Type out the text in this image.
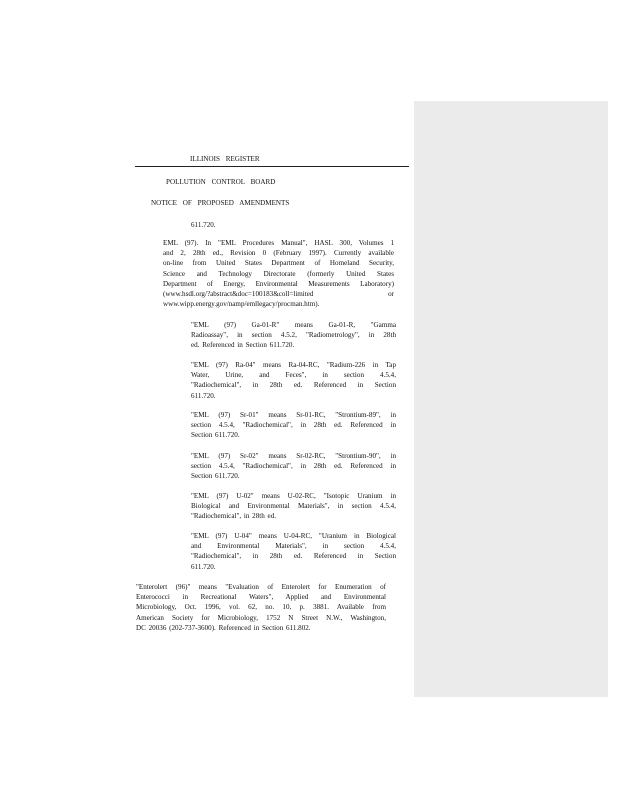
ILLINOIS REGISTER
POLLUTION CONTROL BOARD
NOTICE OF PROPOSED AMENDMENTS
611.720.
EML (97). In "EML Procedures Manual", HASL 300, Volumes 1
and 2, 28th ed., Revision 0 (February 1997). Currently available
on-line from United States Department of Homeland Security,
Science and Technology Directorate (formerly United States
Department of Energy, Environmental Measurements Laboratory)
(www.hsdl.org/?abstract&doc=100183&coll=limited or
www.wipp.energy.gov/namp/emllegacy/procman.htm).
"EML (97) Ga-01-R" means Ga-01-R, "Gamma
Radioassay", in section 4.5.2, "Radiometrology", in 28th
ed. Referenced in Section 611.720.
"EML (97) Ra-04" means Ra-04-RC, "Radium-226 in Tap
Water, Urine, and Feces", in section 4.5.4,
"Radiochemical", in 28th ed. Referenced in Section
611.720.
"EML (97) Sr-01" means Sr-01-RC, "Strontium-89", in
section 4.5.4, "Radiochemical", in 28th ed. Referenced in
Section 611.720.
"EML (97) Sr-02" means Sr-02-RC, "Strontium-90", in
section 4.5.4, "Radiochemical", in 28th ed. Referenced in
Section 611.720.
"EML (97) U-02" means U-02-RC, "Isotopic Uranium in
Biological and Environmental Materials", in section 4.5.4,
"Radiochemical", in 28th ed.
"EML (97) U-04" means U-04-RC, "Uranium in Biological
and Environmental Materials", in section 4.5.4,
"Radiochemical", in 28th ed. Referenced in Section
611.720.
"Enterolert (96)" means "Evaluation of Enterolert for Enumeration of
Enterococci in Recreational Waters", Applied and Environmental
Microbiology, Oct. 1996, vol. 62, no. 10, p. 3881. Available from
American Society for Microbiology, 1752 N Street N.W., Washington,
DC 20036 (202-737-3600). Referenced in Section 611.802.
